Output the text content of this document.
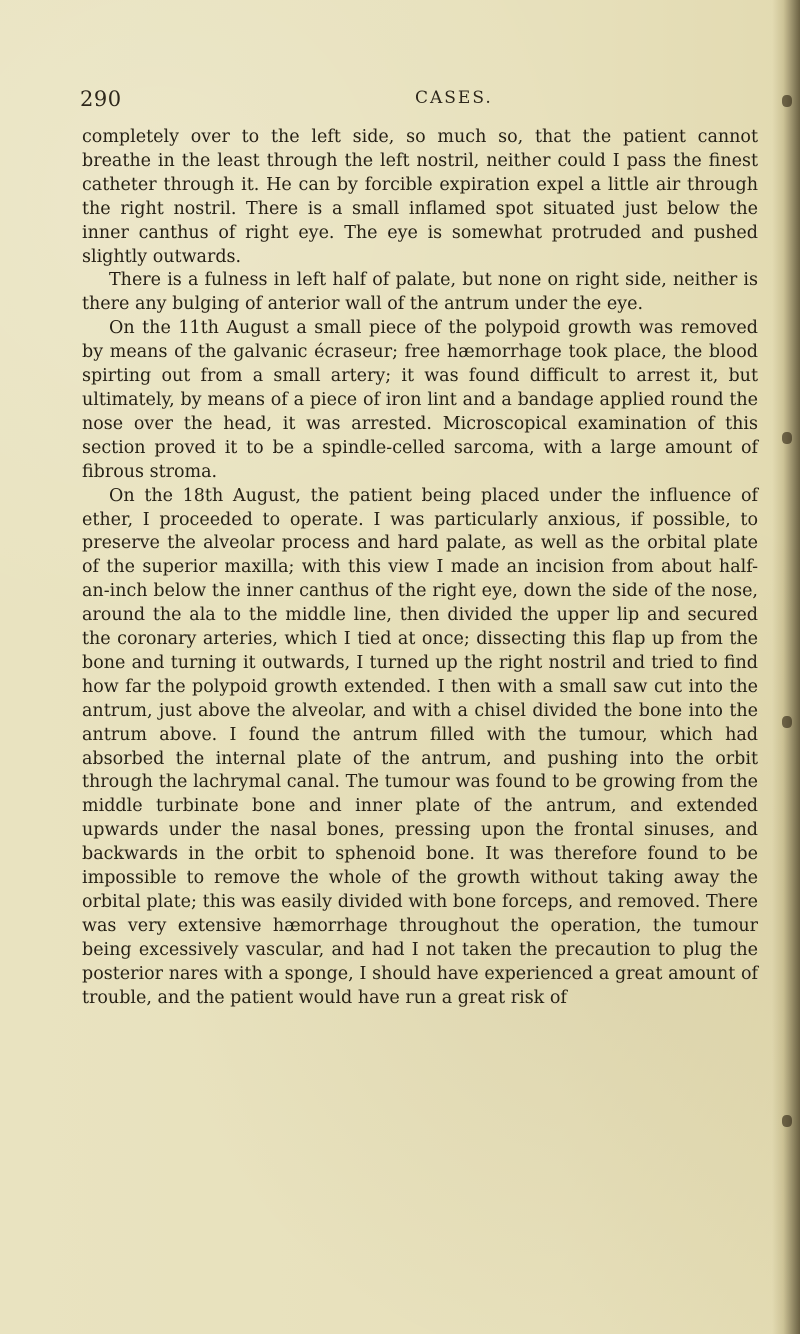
290	CASES.

completely over to the left side, so much so, that the patient cannot breathe in the least through the left nostril, neither could I pass the finest catheter through it. He can by forcible expiration expel a little air through the right nostril. There is a small inflamed spot situated just below the inner canthus of right eye. The eye is somewhat protruded and pushed slightly outwards.

There is a fulness in left half of palate, but none on right side, neither is there any bulging of anterior wall of the antrum under the eye.

On the 11th August a small piece of the polypoid growth was removed by means of the galvanic écraseur; free hæmorrhage took place, the blood spirting out from a small artery; it was found difficult to arrest it, but ultimately, by means of a piece of iron lint and a bandage applied round the nose over the head, it was arrested. Microscopical examination of this section proved it to be a spindle-celled sarcoma, with a large amount of fibrous stroma.

On the 18th August, the patient being placed under the influence of ether, I proceeded to operate. I was particularly anxious, if possible, to preserve the alveolar process and hard palate, as well as the orbital plate of the superior maxilla; with this view I made an incision from about half-an-inch below the inner canthus of the right eye, down the side of the nose, around the ala to the middle line, then divided the upper lip and secured the coronary arteries, which I tied at once; dissecting this flap up from the bone and turning it outwards, I turned up the right nostril and tried to find how far the polypoid growth extended. I then with a small saw cut into the antrum, just above the alveolar, and with a chisel divided the bone into the antrum above. I found the antrum filled with the tumour, which had absorbed the internal plate of the antrum, and pushing into the orbit through the lachrymal canal. The tumour was found to be growing from the middle turbinate bone and inner plate of the antrum, and extended upwards under the nasal bones, pressing upon the frontal sinuses, and backwards in the orbit to sphenoid bone. It was therefore found to be impossible to remove the whole of the growth without taking away the orbital plate; this was easily divided with bone forceps, and removed. There was very extensive hæmorrhage throughout the operation, the tumour being excessively vascular, and had I not taken the precaution to plug the posterior nares with a sponge, I should have experienced a great amount of trouble, and the patient would have run a great risk of
